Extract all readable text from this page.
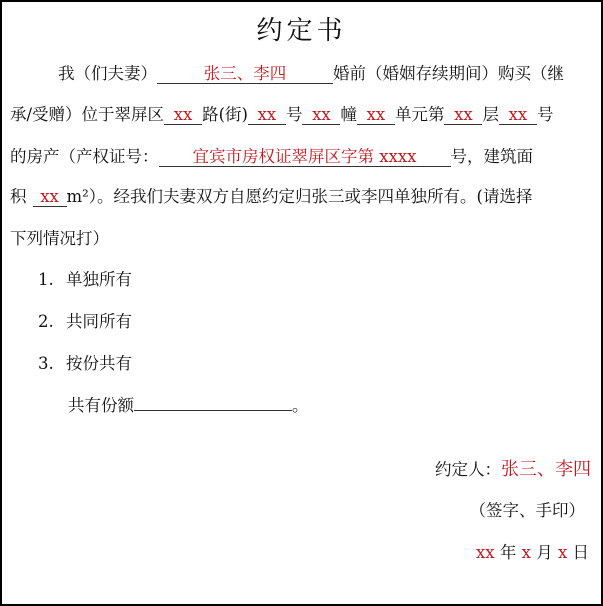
约定书
我（们夫妻）	张三、李四	婚前（婚姻存续期间）购买（继
承/受赠）位于翠屏区 xx 路(街) xx 号 xx 幢 xx 单元第 xx 层 xx 号
的房产（产权证号： 宜宾市房权证翠屏区字第 xxxx 号，建筑面
积 xx m²）。经我们夫妻双方自愿约定归张三或李四单独所有。(请选择
下列情况打）
1. 单独所有
2. 共同所有
3. 按份共有
共有份额	。
约定人：张三、李四
（签字、手印）
xx 年 x 月 x 日
